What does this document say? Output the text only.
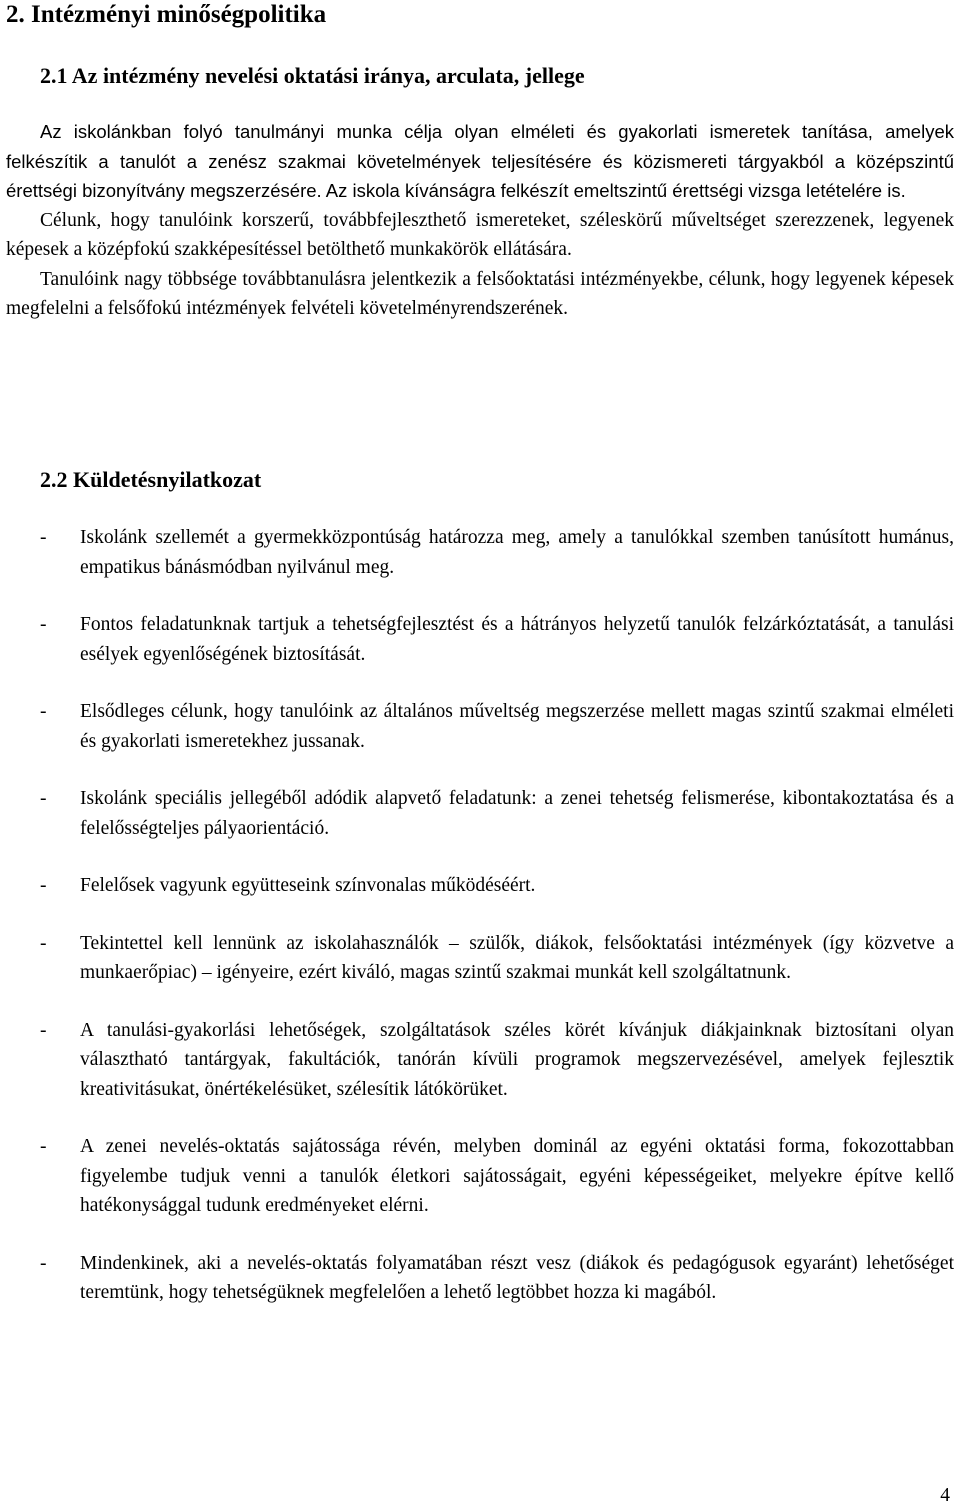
2. Intézményi minőségpolitika
2.1 Az intézmény nevelési oktatási iránya, arculata, jellege

Az iskolánkban folyó tanulmányi munka célja olyan elméleti és gyakorlati ismeretek tanítása, amelyek felkészítik a tanulót a zenész szakmai követelmények teljesítésére és közismereti tárgyakból a középszintű érettségi bizonyítvány megszerzésére. Az iskola kívánságra felkészít emeltszintű érettségi vizsga letételére is.

Célunk, hogy tanulóink korszerű, továbbfejleszthető ismereteket, széleskörű műveltséget szerezzenek, legyenek képesek a középfokú szakképesítéssel betölthető munkakörök ellátására.

Tanulóink nagy többsége továbbtanulásra jelentkezik a felsőoktatási intézményekbe, célunk, hogy legyenek képesek megfelelni a felsőfokú intézmények felvételi követelményrendszerének.

2.2 Küldetésnyilatkozat
- Iskolánk szellemét a gyermekközpontúság határozza meg, amely a tanulókkal szemben tanúsított humánus, empatikus bánásmódban nyilvánul meg.
- Fontos feladatunknak tartjuk a tehetségfejlesztést és a hátrányos helyzetű tanulók felzárkóztatását, a tanulási esélyek egyenlőségének biztosítását.
- Elsődleges célunk, hogy tanulóink az általános műveltség megszerzése mellett magas szintű szakmai elméleti és gyakorlati ismeretekhez jussanak.
- Iskolánk speciális jellegéből adódik alapvető feladatunk: a zenei tehetség felismerése, kibontakoztatása és a felelősségteljes pályaorientáció.
- Felelősek vagyunk együtteseink színvonalas működéséért.
- Tekintettel kell lennünk az iskolahasználók – szülők, diákok, felsőoktatási intézmények (így közvetve a munkaerőpiac) – igényeire, ezért kiváló, magas szintű szakmai munkát kell szolgáltatnunk.
- A tanulási-gyakorlási lehetőségek, szolgáltatások széles körét kívánjuk diákjainknak biztosítani olyan választható tantárgyak, fakultációk, tanórán kívüli programok megszervezésével, amelyek fejlesztik kreativitásukat, önértékelésüket, szélesítik látókörüket.
- A zenei nevelés-oktatás sajátossága révén, melyben dominál az egyéni oktatási forma, fokozottabban figyelembe tudjuk venni a tanulók életkori sajátosságait, egyéni képességeiket, melyekre építve kellő hatékonysággal tudunk eredményeket elérni.
- Mindenkinek, aki a nevelés-oktatás folyamatában részt vesz (diákok és pedagógusok egyaránt) lehetőséget teremtünk, hogy tehetségüknek megfelelően a lehető legtöbbet hozza ki magából.
4
